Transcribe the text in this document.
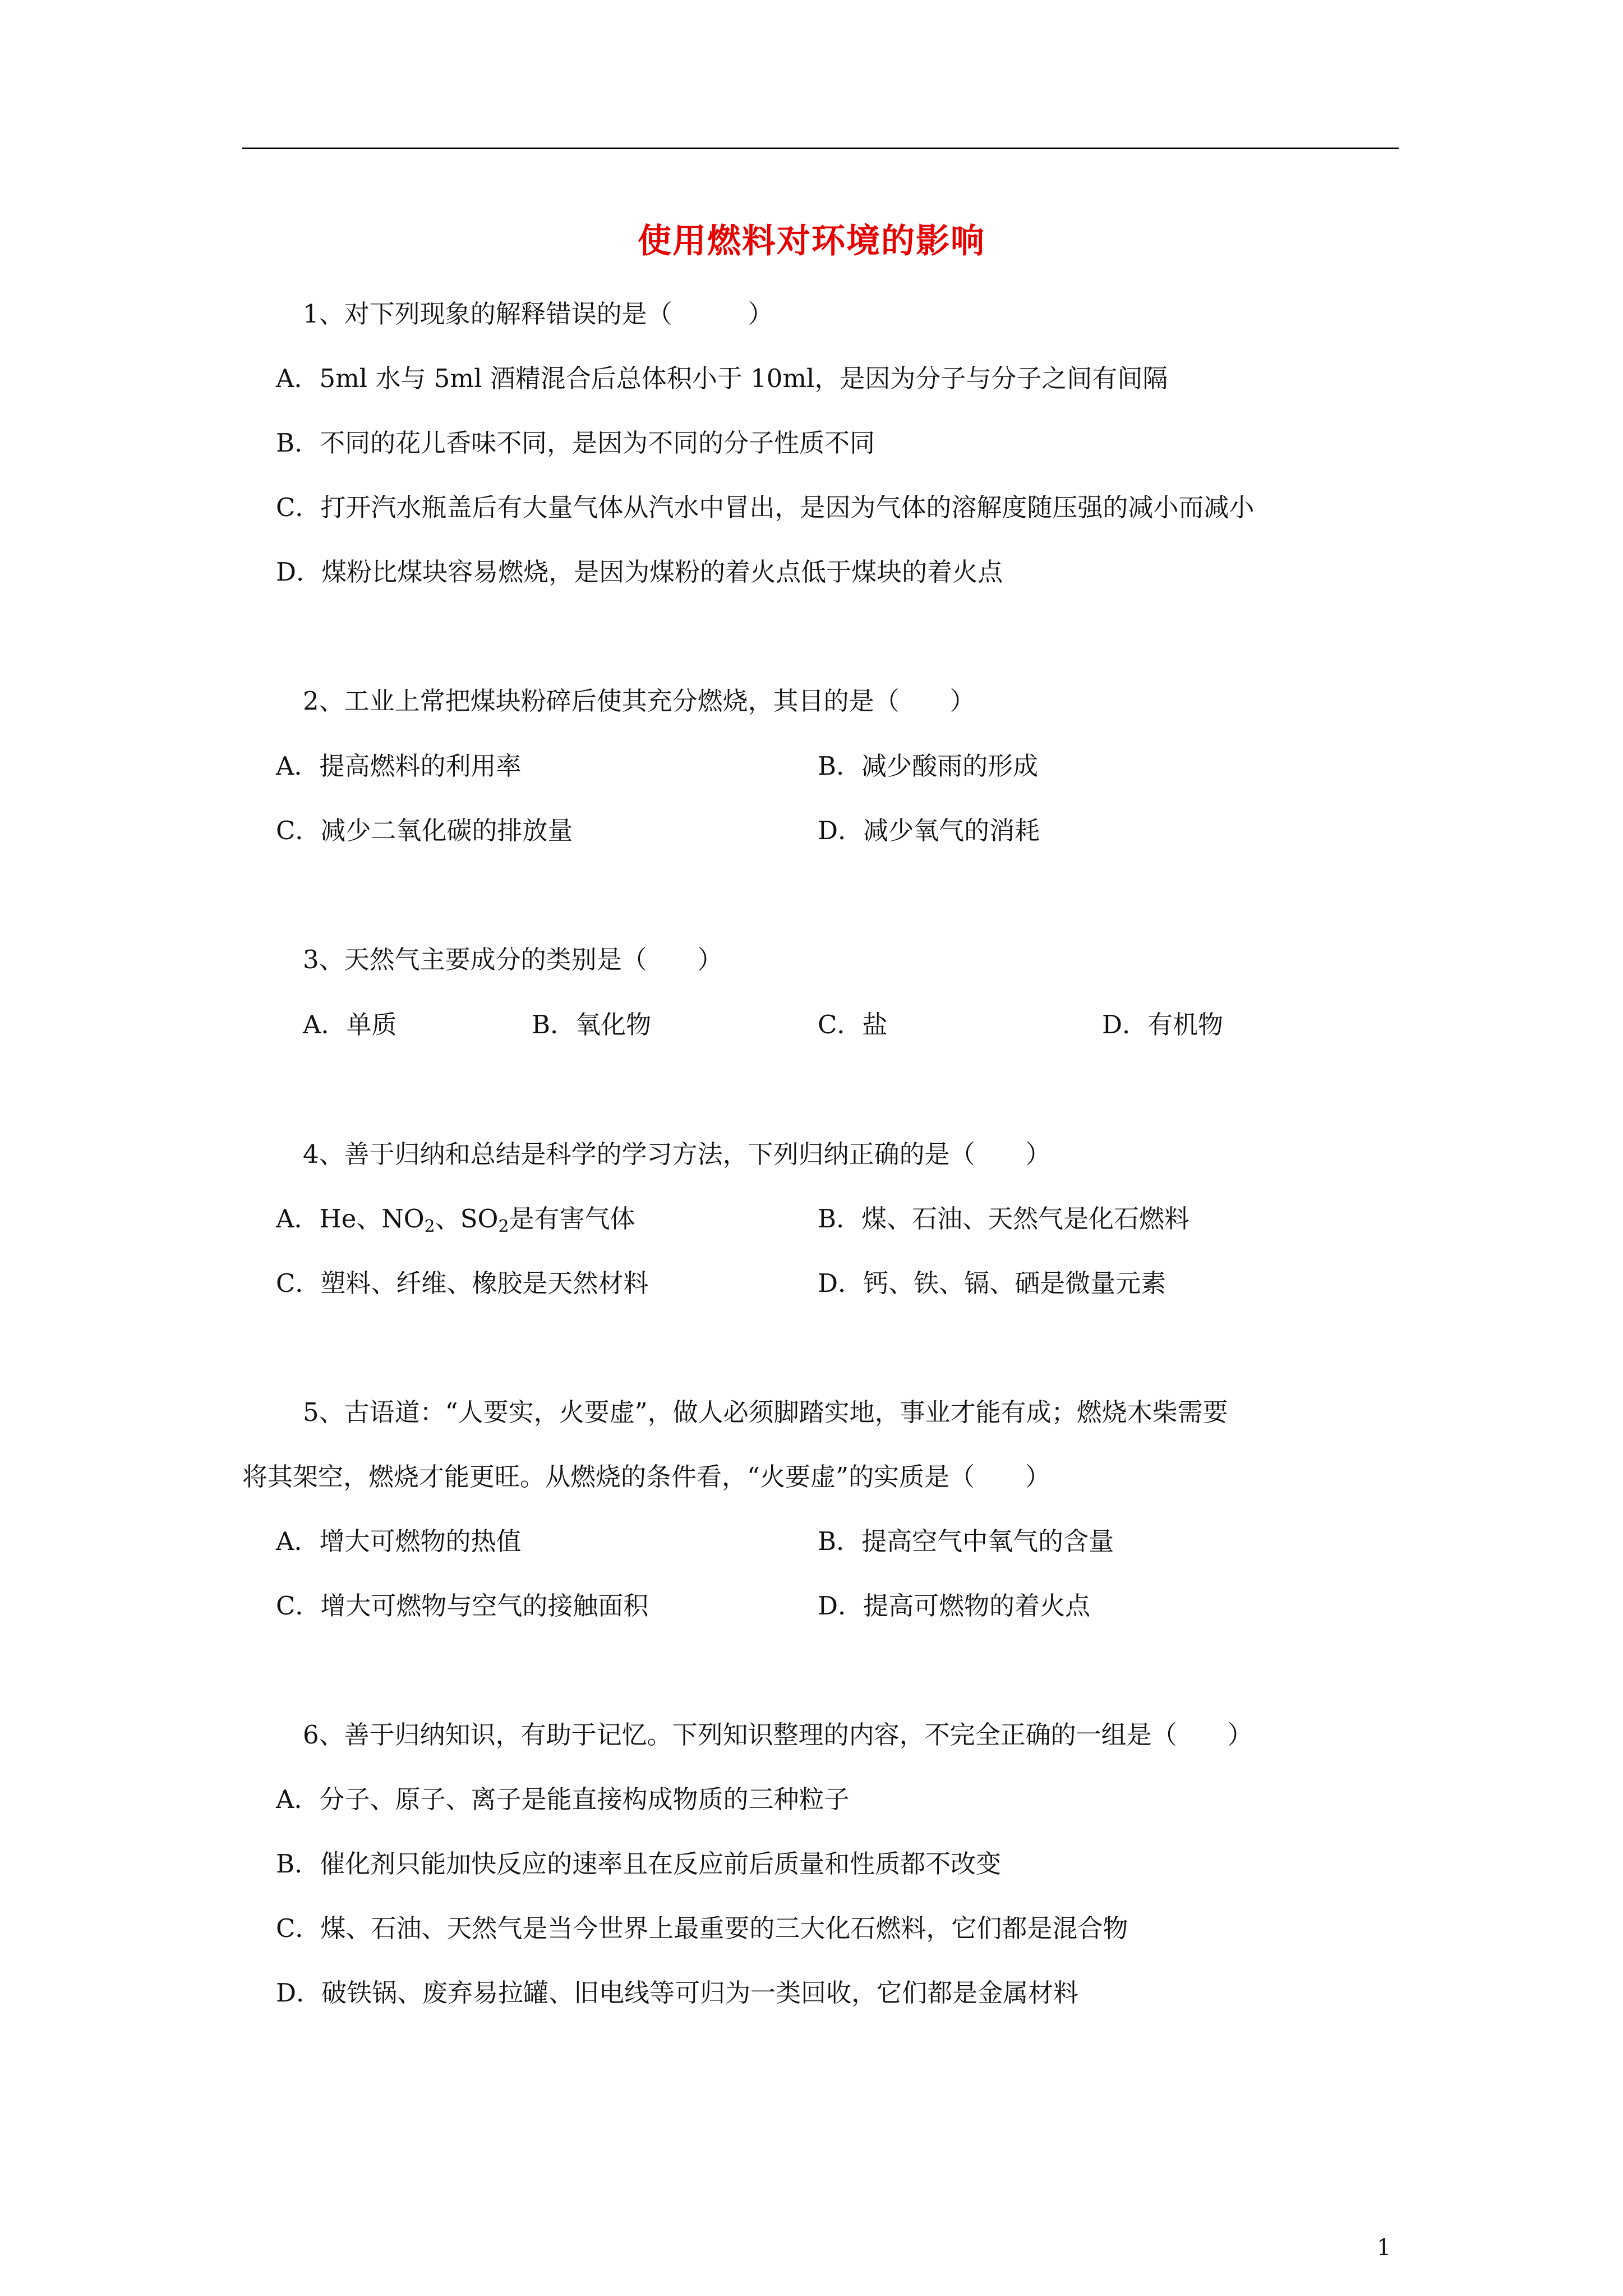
使用燃料对环境的影响
1、对下列现象的解释错误的是（　　　）
A．5ml 水与 5ml 酒精混合后总体积小于 10ml，是因为分子与分子之间有间隔
B．不同的花儿香味不同，是因为不同的分子性质不同
C．打开汽水瓶盖后有大量气体从汽水中冒出，是因为气体的溶解度随压强的减小而减小
D．煤粉比煤块容易燃烧，是因为煤粉的着火点低于煤块的着火点
2、工业上常把煤块粉碎后使其充分燃烧，其目的是（　　）
A．提高燃料的利用率	B．减少酸雨的形成
C．减少二氧化碳的排放量	D．减少氧气的消耗
3、天然气主要成分的类别是（　　）
A．单质	B．氧化物	C．盐	D．有机物
4、善于归纳和总结是科学的学习方法，下列归纳正确的是（　　）
A．He、$NO_2$、$SO_2$是有害气体	B．煤、石油、天然气是化石燃料
C．塑料、纤维、橡胶是天然材料	D．钙、铁、镉、硒是微量元素
5、古语道：“人要实，火要虚”，做人必须脚踏实地，事业才能有成；燃烧木柴需要
将其架空，燃烧才能更旺。从燃烧的条件看，“火要虚”的实质是（　　）
A．增大可燃物的热值	B．提高空气中氧气的含量
C．增大可燃物与空气的接触面积	D．提高可燃物的着火点
6、善于归纳知识，有助于记忆。下列知识整理的内容，不完全正确的一组是（　　）
A．分子、原子、离子是能直接构成物质的三种粒子
B．催化剂只能加快反应的速率且在反应前后质量和性质都不改变
C．煤、石油、天然气是当今世界上最重要的三大化石燃料，它们都是混合物
D．破铁锅、废弃易拉罐、旧电线等可归为一类回收，它们都是金属材料
1
